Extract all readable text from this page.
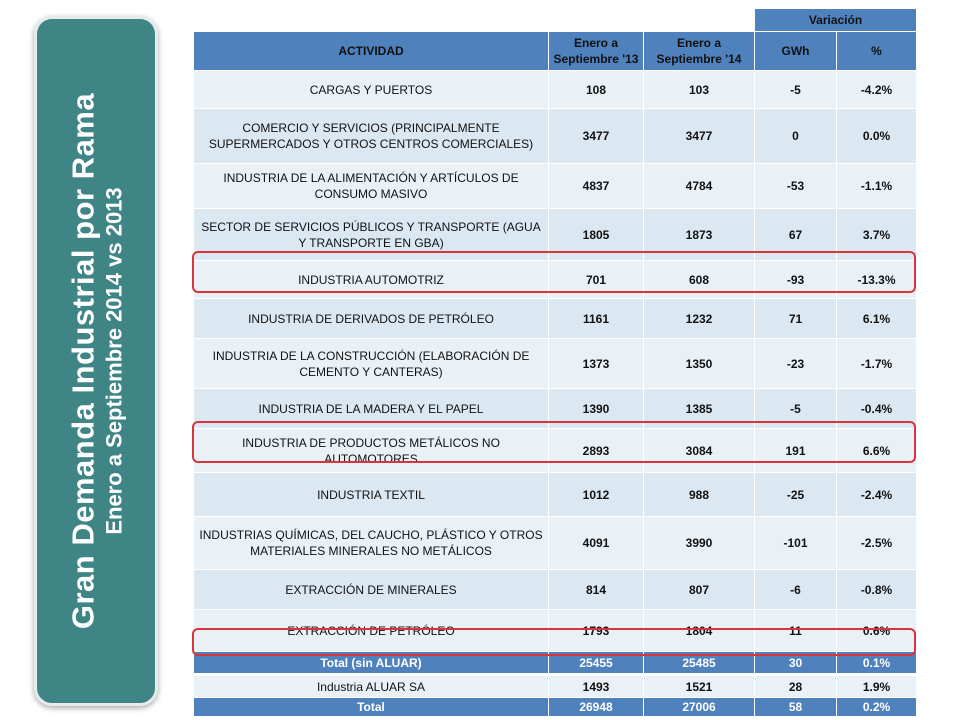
Gran Demanda Industrial por Rama Enero a Septiembre 2014 vs 2013
			Variación	
ACTIVIDAD	Enero a Septiembre '13	Enero a Septiembre '14	GWh	%
CARGAS Y PUERTOS	108	103	-5	-4.2%
COMERCIO Y SERVICIOS (PRINCIPALMENTE SUPERMERCADOS Y OTROS CENTROS COMERCIALES)	3477	3477	0	0.0%
INDUSTRIA DE LA ALIMENTACIÓN Y ARTÍCULOS DE CONSUMO MASIVO	4837	4784	-53	-1.1%
SECTOR DE SERVICIOS PÚBLICOS Y TRANSPORTE (AGUA Y TRANSPORTE EN GBA)	1805	1873	67	3.7%
INDUSTRIA AUTOMOTRIZ	701	608	-93	-13.3%
INDUSTRIA DE DERIVADOS DE PETRÓLEO	1161	1232	71	6.1%
INDUSTRIA DE LA CONSTRUCCIÓN (ELABORACIÓN DE CEMENTO Y CANTERAS)	1373	1350	-23	-1.7%
INDUSTRIA DE LA MADERA Y EL PAPEL	1390	1385	-5	-0.4%
INDUSTRIA DE PRODUCTOS METÁLICOS NO AUTOMOTORES	2893	3084	191	6.6%
INDUSTRIA TEXTIL	1012	988	-25	-2.4%
INDUSTRIAS QUÍMICAS, DEL CAUCHO, PLÁSTICO Y OTROS MATERIALES MINERALES NO METÁLICOS	4091	3990	-101	-2.5%
EXTRACCIÓN DE MINERALES	814	807	-6	-0.8%
EXTRACCIÓN DE PETRÓLEO	1793	1804	11	0.6%
Total (sin ALUAR)	25455	25485	30	0.1%
Industria ALUAR SA	1493	1521	28	1.9%
Total	26948	27006	58	0.2%
